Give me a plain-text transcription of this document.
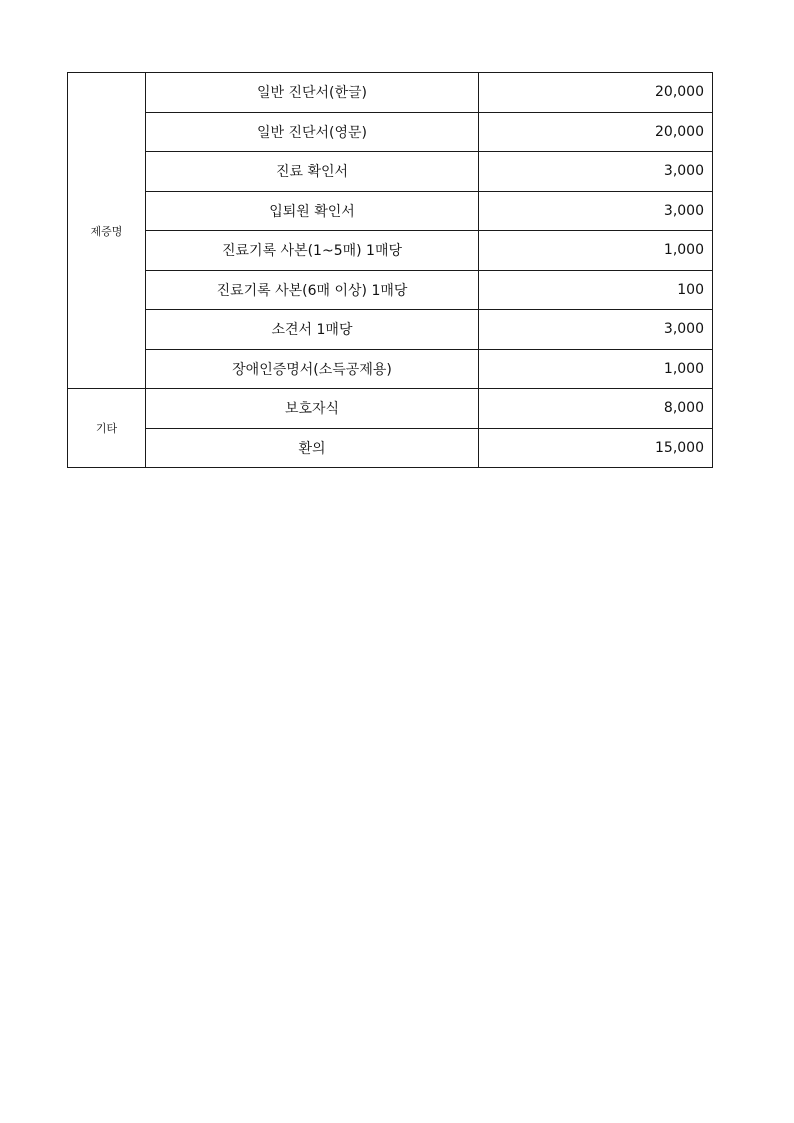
제증명	일반 진단서(한글)	20,000
	일반 진단서(영문)	20,000
	진료 확인서	3,000
	입퇴원 확인서	3,000
	진료기록 사본(1~5매) 1매당	1,000
	진료기록 사본(6매 이상) 1매당	100
	소견서 1매당	3,000
	장애인증명서(소득공제용)	1,000
기타	보호자식	8,000
	환의	15,000
